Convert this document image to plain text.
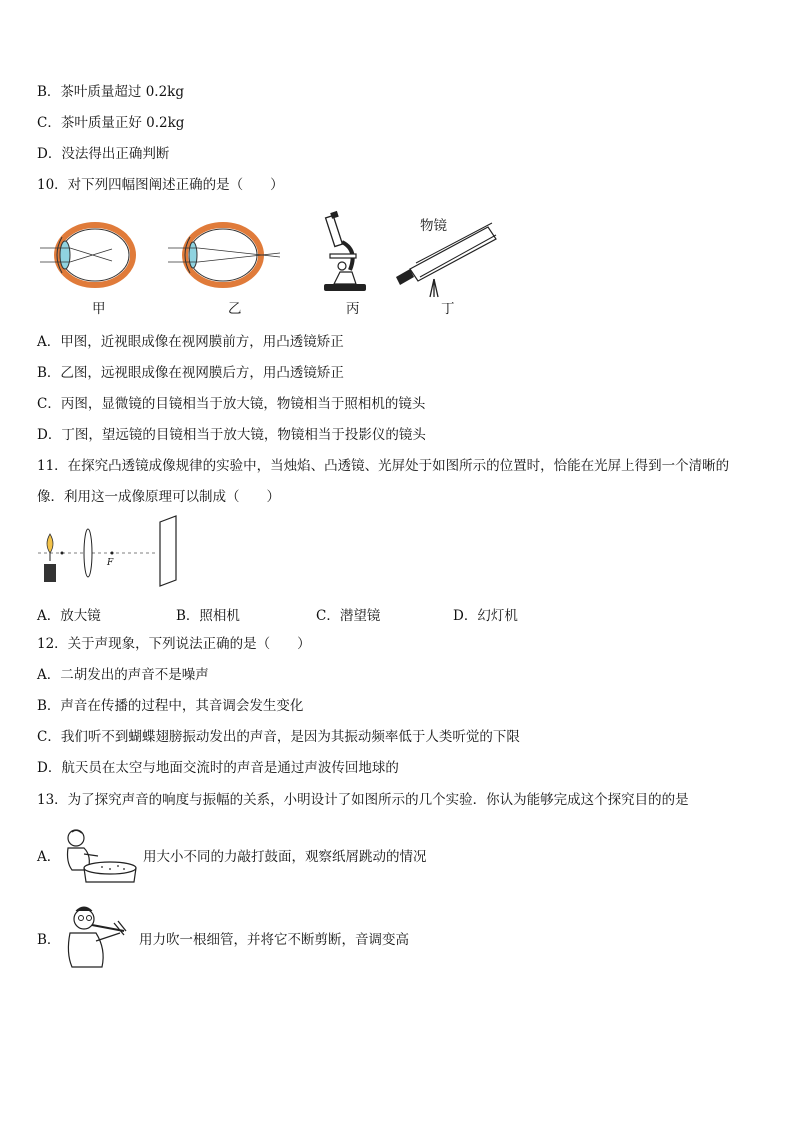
B．茶叶质量超过 0.2kg
C．茶叶质量正好 0.2kg
D．没法得出正确判断
10．对下列四幅图阐述正确的是（　　）
甲	乙	丙
物镜
丁
A．甲图，近视眼成像在视网膜前方，用凸透镜矫正
B．乙图，远视眼成像在视网膜后方，用凸透镜矫正
C．丙图，显微镜的目镜相当于放大镜，物镜相当于照相机的镜头
D．丁图，望远镜的目镜相当于放大镜，物镜相当于投影仪的镜头
11．在探究凸透镜成像规律的实验中，当烛焰、凸透镜、光屏处于如图所示的位置时，恰能在光屏上得到一个清晰的
像．利用这一成像原理可以制成（　　）
F
A．放大镜	B．照相机	C．潜望镜	D．幻灯机
12．关于声现象，下列说法正确的是（　　）
A．二胡发出的声音不是噪声
B．声音在传播的过程中，其音调会发生变化
C．我们听不到蝴蝶翅膀振动发出的声音，是因为其振动频率低于人类听觉的下限
D．航天员在太空与地面交流时的声音是通过声波传回地球的
13．为了探究声音的响度与振幅的关系，小明设计了如图所示的几个实验．你认为能够完成这个探究目的的是
A．	用大小不同的力敲打鼓面，观察纸屑跳动的情况
B．	用力吹一根细管，并将它不断剪断，音调变高
